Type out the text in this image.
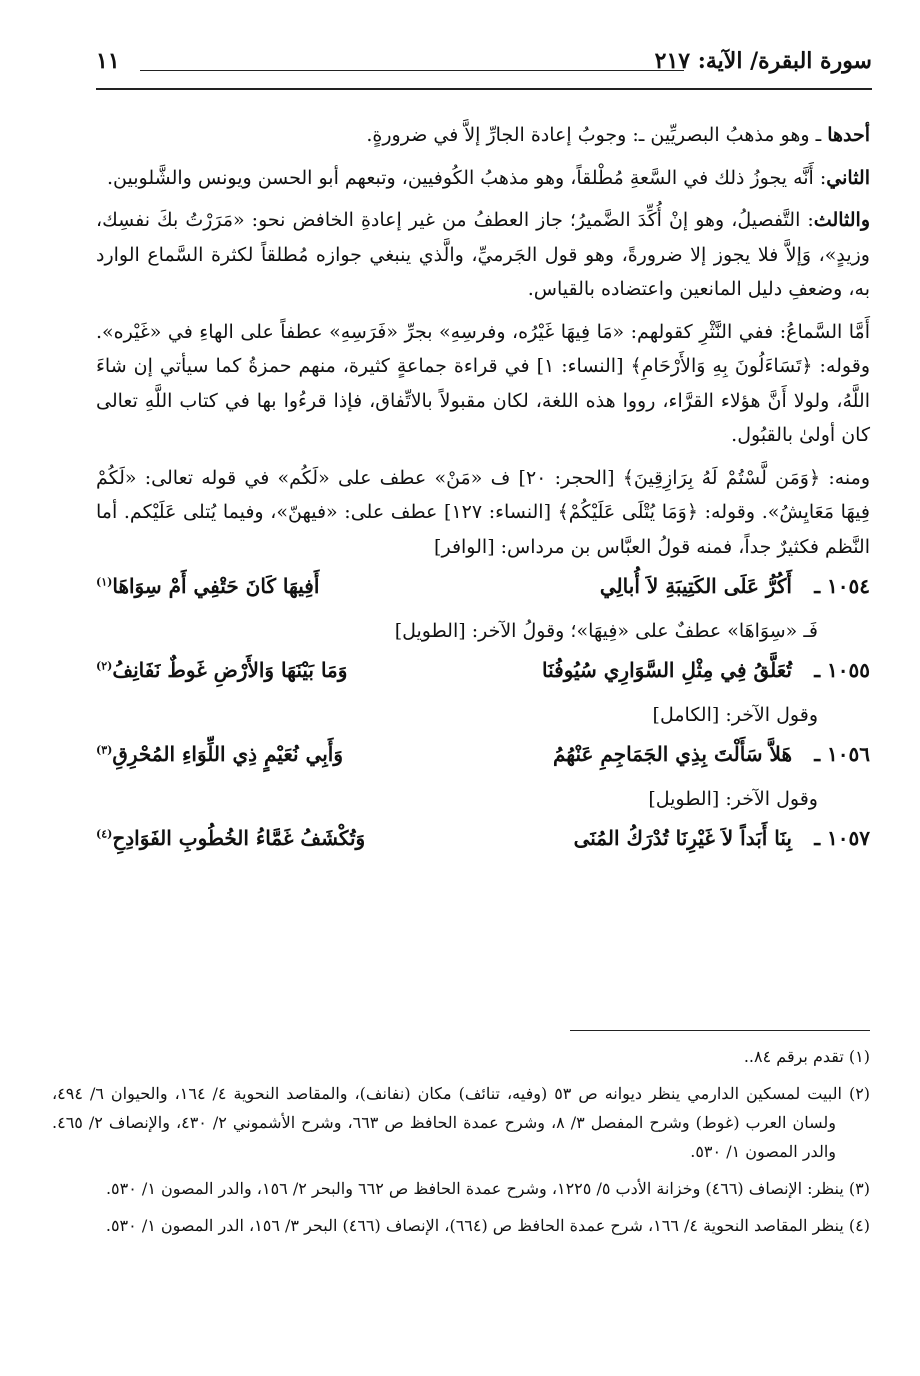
سورة البقرة/ الآية: ٢١٧
١١

أحدها ـ وهو مذهبُ البصريِّين ـ: وجوبُ إعادة الجارِّ إلاَّ في ضرورةٍ.

الثاني: أَنَّه يجوزُ ذلك في السَّعةِ مُطْلقاً، وهو مذهبُ الكُوفيين، وتبعهم أبو الحسن ويونس والشَّلوبين.

والثالث: التَّفصيلُ، وهو إنْ أُكِّدَ الضَّميرُ؛ جاز العطفُ من غير إعادةِ الخافض نحو: «مَرَرْتُ بكَ نفسِك، وزيدٍ»، وَإلاَّ فلا يجوز إلا ضرورةً، وهو قول الجَرميِّ، والَّذي ينبغي جوازه مُطلقاً لكثرة السَّماع الوارد به، وضعفِ دليل المانعين واعتضاده بالقياس.

أَمَّا السَّماعُ: ففي النَّثْرِ كقولهم: «مَا فِيهَا غَيْرُه، وفرسِهِ» بجرِّ «فَرَسِهِ» عطفاً على الهاءِ في «غَيْره». وقوله: ﴿تَسَاءَلُونَ بِهِ وَالأَرْحَامِ﴾ [النساء: ١] في قراءة جماعةٍ كثيرة، منهم حمزةُ كما سيأتي إن شاءَ اللَّهُ، ولولا أَنَّ هؤلاء القرَّاء، رووا هذه اللغة، لكان مقبولاً بالاتِّفاق، فإذا قرءُوا بها في كتاب اللَّهِ تعالى كان أولىٰ بالقبُول.

ومنه: ﴿وَمَن لَّسْتُمْ لَهُ بِرَازِقِينَ﴾ [الحجر: ٢٠] ف «مَنْ» عطف على «لَكُم» في قوله تعالى: «لَكُمْ فِيهَا مَعَايِشُ». وقوله: ﴿وَمَا يُتْلَى عَلَيْكُمْ﴾ [النساء: ١٢٧] عطف على: «فيهنّ»، وفيما يُتلى عَلَيْكم. أما النَّظم فكثيرٌ جداً، فمنه قولُ العبَّاس بن مرداس: [الوافر]

١٠٥٤ ـ
أَكُرُّ عَلَى الكَتِيبَةِ لاَ أُبالِي
أَفِيهَا كَانَ حَتْفِي أَمْ سِوَاهَا$^{(١)}$
فَـ «سِوَاهَا» عطفٌ على «فِيهَا»؛ وقولُ الآخر: [الطويل]
١٠٥٥ ـ
تُعَلَّقُ فِي مِثْلِ السَّوَارِي سُيُوفُنَا
وَمَا بَيْنَهَا وَالأَرْضِ غَوطٌ نَفَانِفُ$^{(٢)}$
وقول الآخر: [الكامل]
١٠٥٦ ـ
هَلاَّ سَأَلْتَ بِذِي الجَمَاجِمِ عَنْهُمُ
وَأَبِي نُعَيْمٍ ذِي اللِّوَاءِ المُحْرِقِ$^{(٣)}$
وقول الآخر: [الطويل]
١٠٥٧ ـ
بِنَا أَبَداً لاَ غَيْرِنَا تُدْرَكُ المُنَى
وَتُكْشَفُ غَمَّاءُ الخُطُوبِ الفَوَادِحِ$^{(٤)}$

(١) تقدم برقم ٨٤..

(٢) البيت لمسكين الدارمي ينظر ديوانه ص ٥٣ (وفيه، تنائف) مكان (نفانف)، والمقاصد النحوية ٤/ ١٦٤، والحيوان ٦/ ٤٩٤، ولسان العرب (غوط) وشرح المفصل ٣/ ٨، وشرح عمدة الحافظ ص ٦٦٣، وشرح الأشموني ٢/ ٤٣٠، والإنصاف ٢/ ٤٦٥. والدر المصون ١/ ٥٣٠.

(٣) ينظر: الإنصاف (٤٦٦) وخزانة الأدب ٥/ ١٢٢٥، وشرح عمدة الحافظ ص ٦٦٢ والبحر ٢/ ١٥٦، والدر المصون ١/ ٥٣٠.

(٤) ينظر المقاصد النحوية ٤/ ١٦٦، شرح عمدة الحافظ ص (٦٦٤)، الإنصاف (٤٦٦) البحر ٣/ ١٥٦، الدر المصون ١/ ٥٣٠.
